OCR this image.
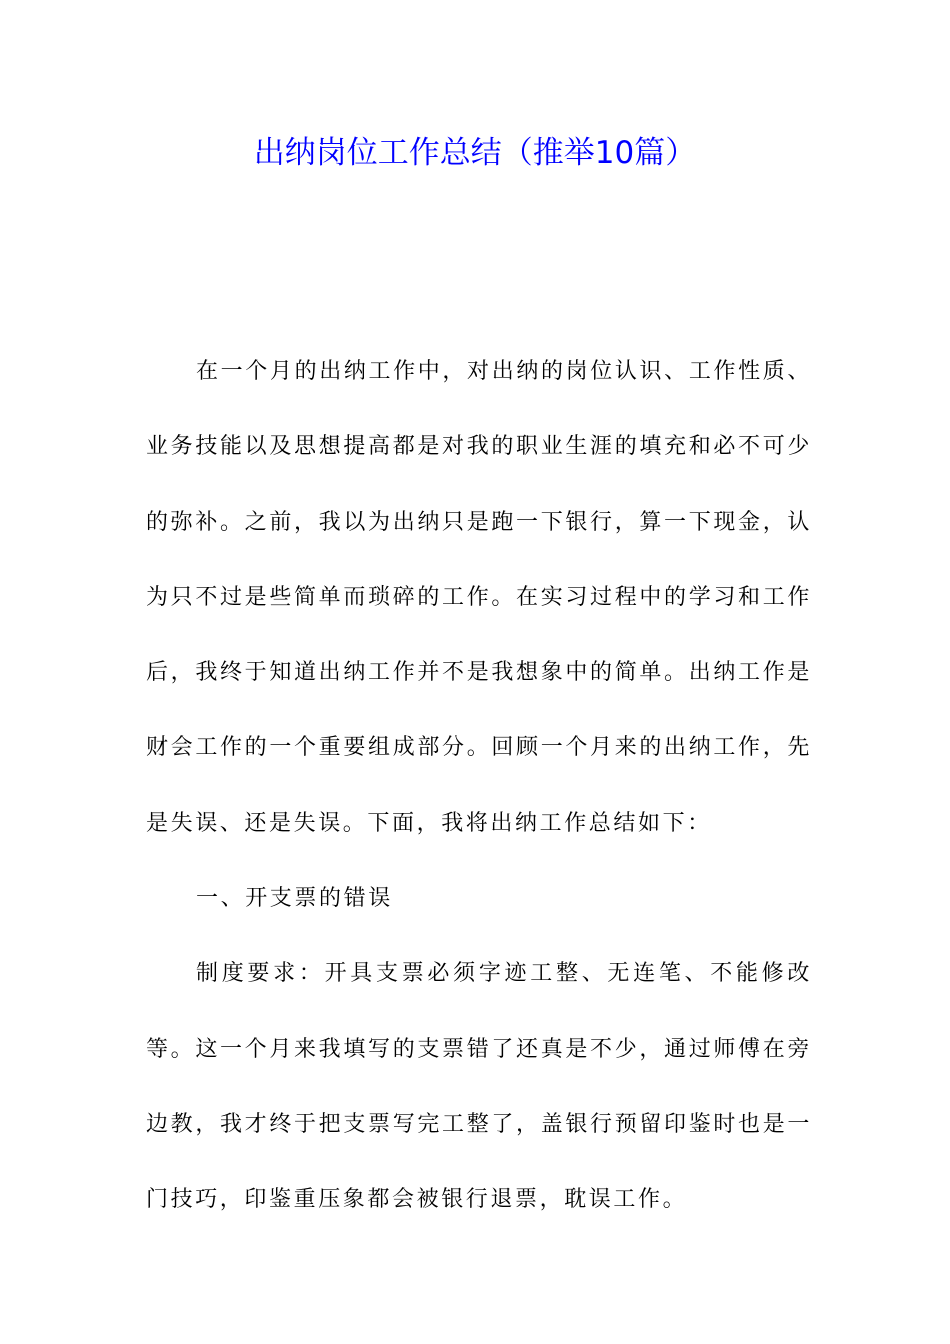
出纳岗位工作总结（推举10篇）

在一个月的出纳工作中，对出纳的岗位认识、工作性质、业务技能以及思想提高都是对我的职业生涯的填充和必不可少的弥补。之前，我以为出纳只是跑一下银行，算一下现金，认为只不过是些简单而琐碎的工作。在实习过程中的学习和工作后，我终于知道出纳工作并不是我想象中的简单。出纳工作是财会工作的一个重要组成部分。回顾一个月来的出纳工作，先是失误、还是失误。下面，我将出纳工作总结如下：

一、开支票的错误

制度要求：开具支票必须字迹工整、无连笔、不能修改等。这一个月来我填写的支票错了还真是不少，通过师傅在旁边教，我才终于把支票写完工整了，盖银行预留印鉴时也是一门技巧，印鉴重压象都会被银行退票，耽误工作。
